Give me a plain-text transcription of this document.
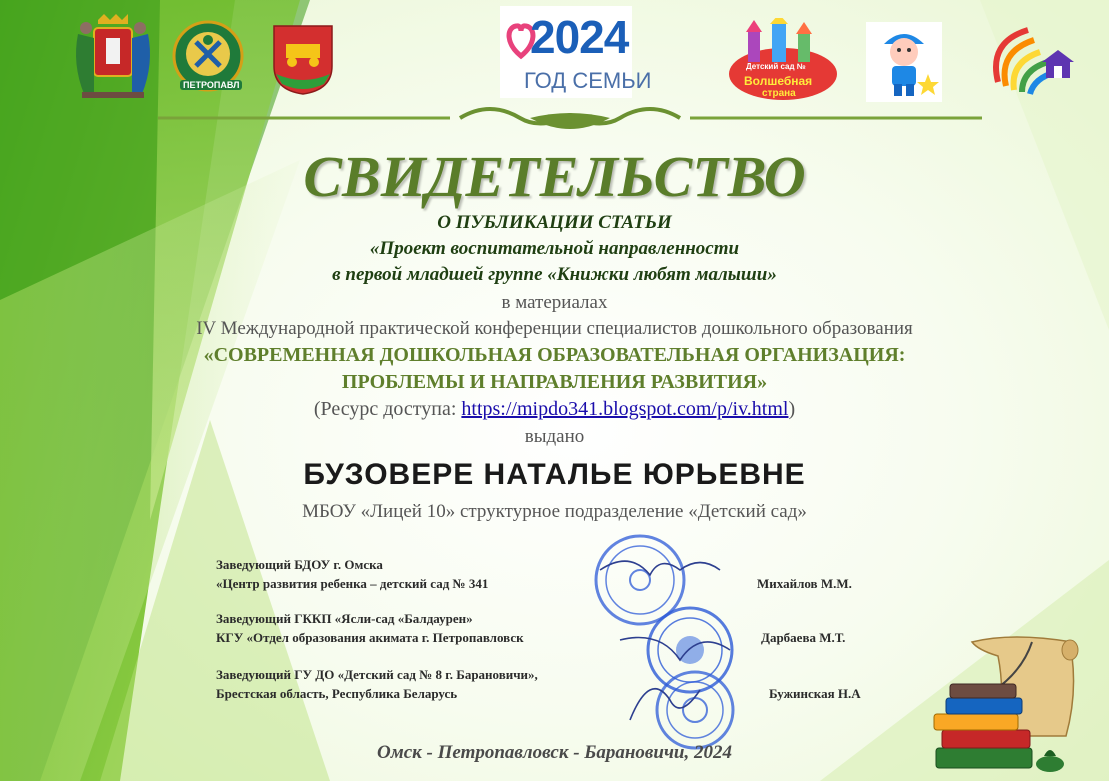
ПЕТРОПАВЛ
2024
ГОД СЕМЬИ
Детский сад №
Волшебная
страна
СВИДЕТЕЛЬСТВО
О ПУБЛИКАЦИИ СТАТЬИ
«Проект воспитательной направленности
в первой младшей группе «Книжки любят малыши»
в материалах
IV Международной практической конференции специалистов дошкольного образования
«СОВРЕМЕННАЯ ДОШКОЛЬНАЯ ОБРАЗОВАТЕЛЬНАЯ ОРГАНИЗАЦИЯ:
ПРОБЛЕМЫ И НАПРАВЛЕНИЯ РАЗВИТИЯ»
(Ресурс доступа: https://mipdo341.blogspot.com/p/iv.html)
выдано
БУЗОВЕРЕ НАТАЛЬЕ ЮРЬЕВНЕ
МБОУ «Лицей 10» структурное подразделение «Детский сад»
Заведующий БДОУ г. Омска
«Центр развития ребенка – детский сад № 341	Михайлов М.М.
Заведующий ГККП «Ясли-сад «Балдаурен»
КГУ «Отдел образования акимата г. Петропавловск	Дарбаева М.Т.
Заведующий ГУ ДО «Детский сад № 8 г. Барановичи»,
Брестская область, Республика Беларусь	Бужинская Н.А
Омск - Петропавловск - Барановичи, 2024
